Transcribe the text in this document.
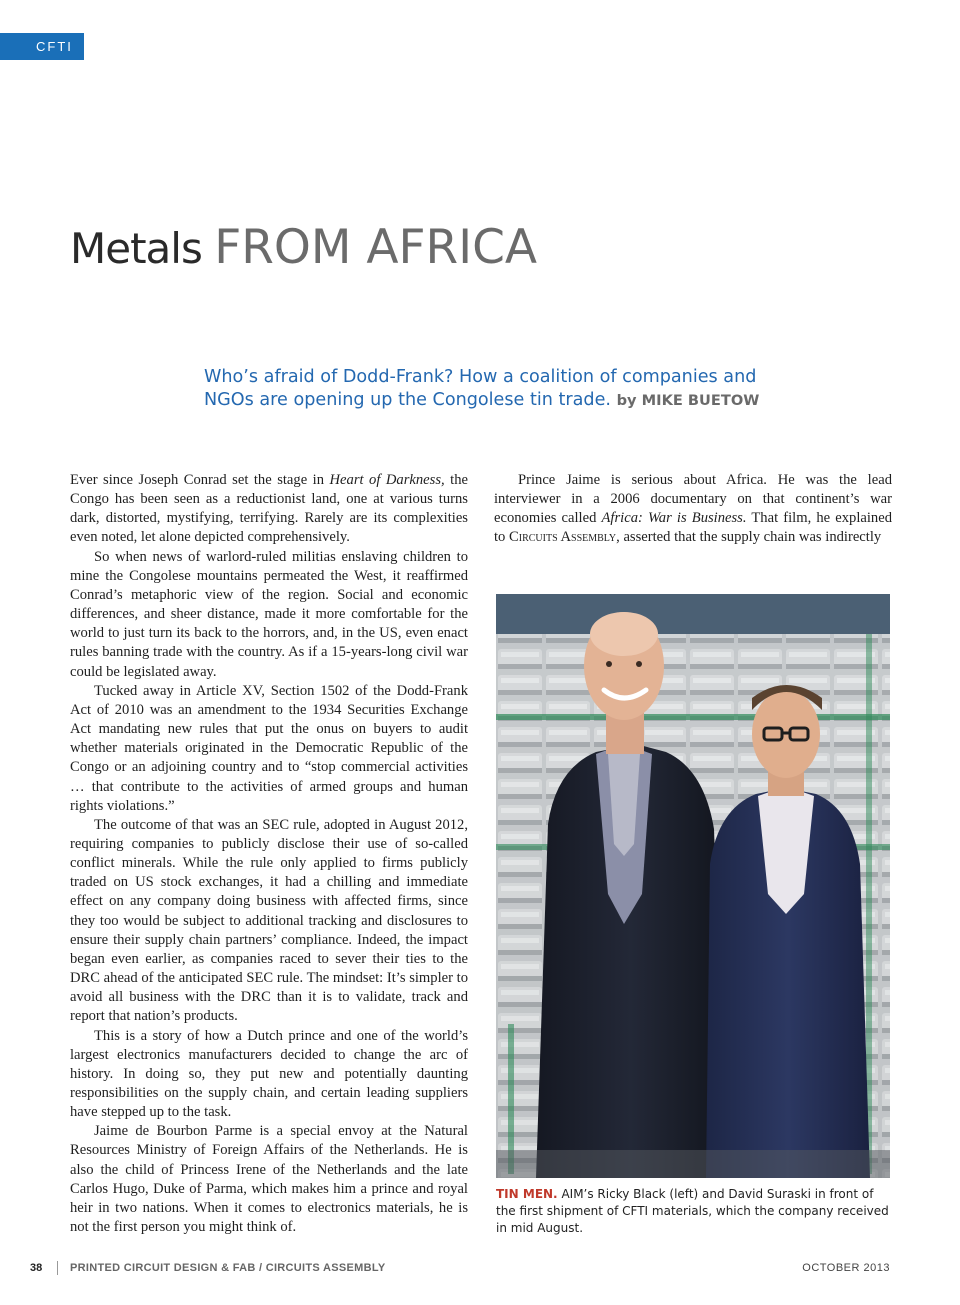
CFTI
Metals FROM AFRICA

Who’s afraid of Dodd-Frank? How a coalition of companies and NGOs are opening up the Congolese tin trade. by MIKE BUETOW

Ever since Joseph Conrad set the stage in Heart of Darkness, the Congo has been seen as a reductionist land, one at various turns dark, distorted, mystifying, terrifying. Rarely are its complexities even noted, let alone depicted comprehensively.

So when news of warlord-ruled militias enslaving children to mine the Congolese mountains permeated the West, it reaffirmed Conrad’s metaphoric view of the region. Social and economic differences, and sheer distance, made it more comfortable for the world to just turn its back to the horrors, and, in the US, even enact rules banning trade with the country. As if a 15-years-long civil war could be legislated away.

Tucked away in Article XV, Section 1502 of the Dodd-Frank Act of 2010 was an amendment to the 1934 Securities Exchange Act mandating new rules that put the onus on buyers to audit whether materials originated in the Democratic Republic of the Congo or an adjoining country and to “stop commercial activities … that contribute to the activities of armed groups and human rights violations.”

The outcome of that was an SEC rule, adopted in August 2012, requiring companies to publicly disclose their use of so-called conflict minerals. While the rule only applied to firms publicly traded on US stock exchanges, it had a chilling and immediate effect on any company doing business with affected firms, since they too would be subject to additional tracking and disclosures to ensure their supply chain partners’ compliance. Indeed, the impact began even earlier, as companies raced to sever their ties to the DRC ahead of the anticipated SEC rule. The mindset: It’s simpler to avoid all business with the DRC than it is to validate, track and report that nation’s products.

This is a story of how a Dutch prince and one of the world’s largest electronics manufacturers decided to change the arc of history. In doing so, they put new and potentially daunting responsibilities on the supply chain, and certain leading suppliers have stepped up to the task.

Jaime de Bourbon Parme is a special envoy at the Natural Resources Ministry of Foreign Affairs of the Netherlands. He is also the child of Princess Irene of the Netherlands and the late Carlos Hugo, Duke of Parma, which makes him a prince and royal heir in two nations. When it comes to electronics materials, he is not the first person you might think of.

Prince Jaime is serious about Africa. He was the lead interviewer in a 2006 documentary on that continent’s war economies called Africa: War is Business. That film, he explained to Circuits Assembly, asserted that the supply chain was indirectly

TIN MEN. AIM’s Ricky Black (left) and David Suraski in front of the first shipment of CFTI materials, which the company received in mid August.

38	PRINTED CIRCUIT DESIGN & FAB / CIRCUITS ASSEMBLY	OCTOBER 2013
